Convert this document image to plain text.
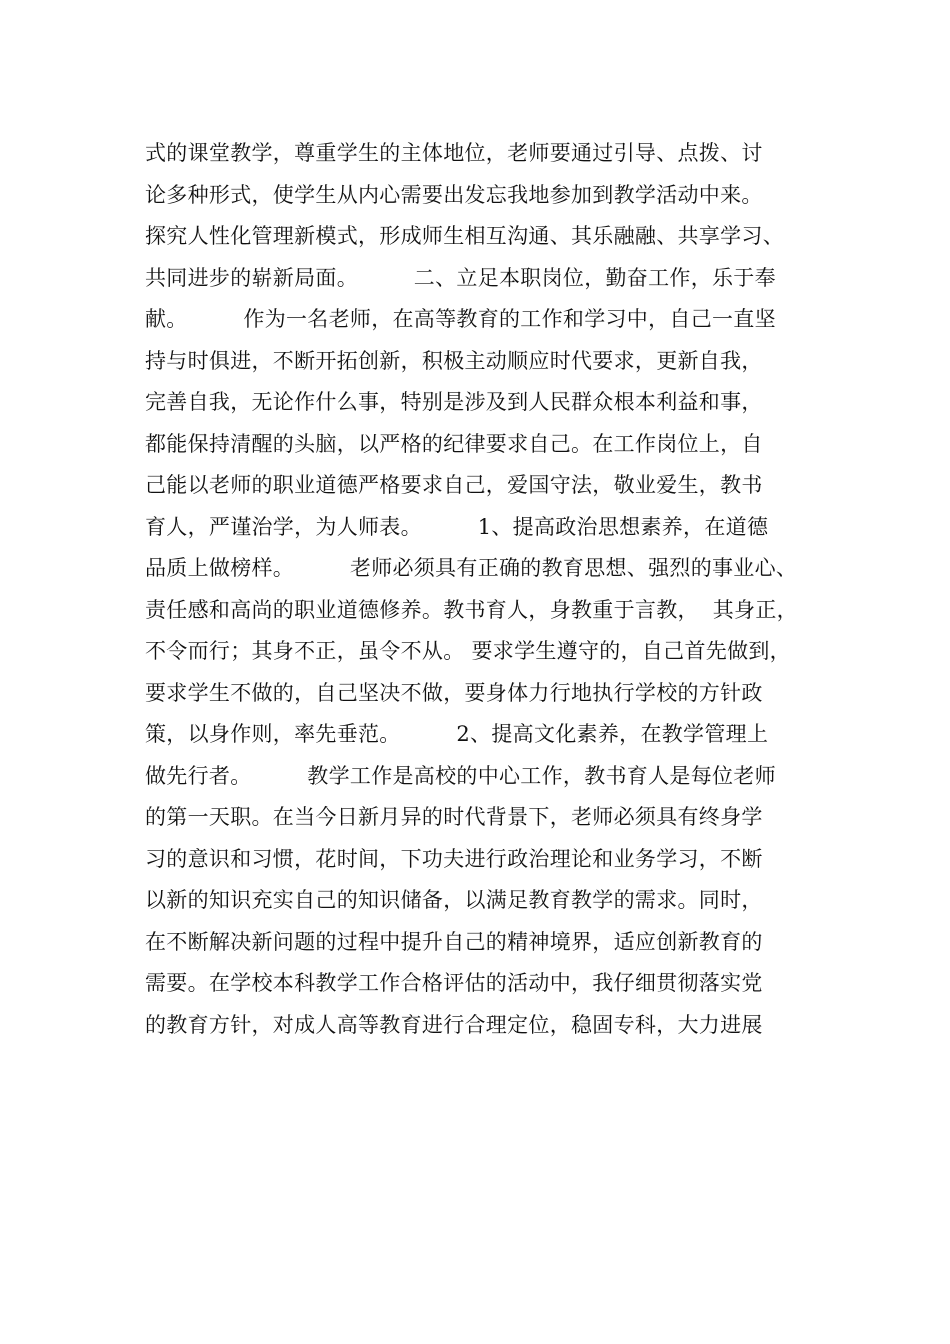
式的课堂教学，尊重学生的主体地位，老师要通过引导、点拨、讨
论多种形式，使学生从内心需要出发忘我地参加到教学活动中来。
探究人性化管理新模式，形成师生相互沟通、其乐融融、共享学习、
共同进步的崭新局面。        二、立足本职岗位，勤奋工作，乐于奉
献。        作为一名老师，在高等教育的工作和学习中，自己一直坚
持与时俱进，不断开拓创新，积极主动顺应时代要求，更新自我，
完善自我，无论作什么事，特别是涉及到人民群众根本利益和事，
都能保持清醒的头脑，以严格的纪律要求自己。在工作岗位上，自
己能以老师的职业道德严格要求自己，爱国守法，敬业爱生，教书
育人，严谨治学，为人师表。        1、提高政治思想素养，在道德
品质上做榜样。        老师必须具有正确的教育思想、强烈的事业心、
责任感和高尚的职业道德修养。教书育人，身教重于言教，  其身正，
不令而行；其身不正，虽令不从。 要求学生遵守的，自己首先做到，
要求学生不做的，自己坚决不做，要身体力行地执行学校的方针政
策，以身作则，率先垂范。        2、提高文化素养，在教学管理上
做先行者。        教学工作是高校的中心工作，教书育人是每位老师
的第一天职。在当今日新月异的时代背景下，老师必须具有终身学
习的意识和习惯，花时间，下功夫进行政治理论和业务学习，不断
以新的知识充实自己的知识储备，以满足教育教学的需求。同时，
在不断解决新问题的过程中提升自己的精神境界，适应创新教育的
需要。在学校本科教学工作合格评估的活动中，我仔细贯彻落实党
的教育方针，对成人高等教育进行合理定位，稳固专科，大力进展
